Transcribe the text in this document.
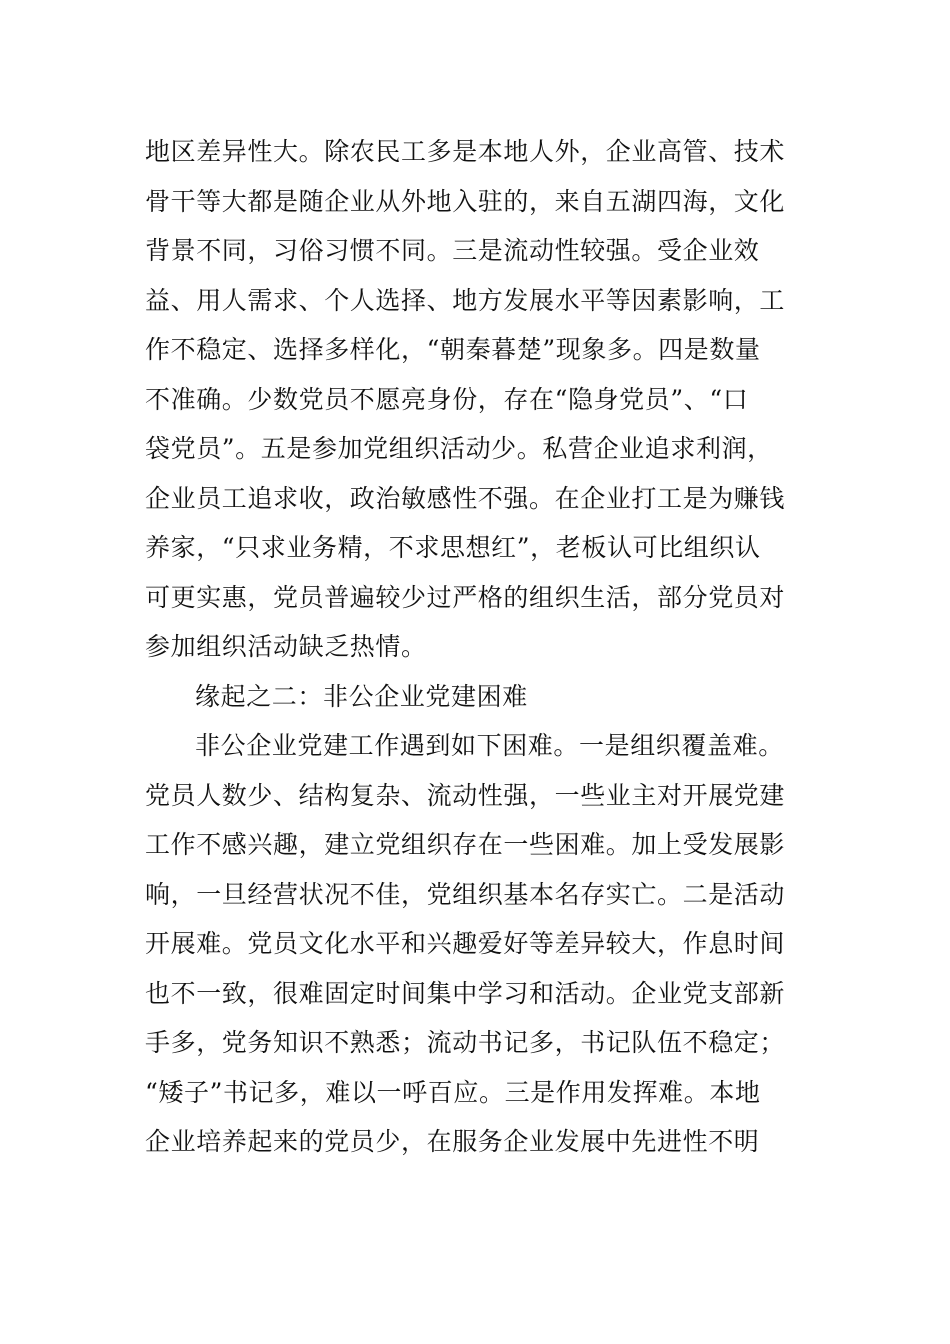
地区差异性大。除农民工多是本地人外，企业高管、技术

骨干等大都是随企业从外地入驻的，来自五湖四海，文化

背景不同，习俗习惯不同。三是流动性较强。受企业效

益、用人需求、个人选择、地方发展水平等因素影响，工

作不稳定、选择多样化，“朝秦暮楚”现象多。四是数量

不准确。少数党员不愿亮身份，存在“隐身党员”、“口

袋党员”。五是参加党组织活动少。私营企业追求利润，

企业员工追求收，政治敏感性不强。在企业打工是为赚钱

养家，“只求业务精，不求思想红”，老板认可比组织认

可更实惠，党员普遍较少过严格的组织生活，部分党员对

参加组织活动缺乏热情。

缘起之二：非公企业党建困难

非公企业党建工作遇到如下困难。一是组织覆盖难。

党员人数少、结构复杂、流动性强，一些业主对开展党建

工作不感兴趣，建立党组织存在一些困难。加上受发展影

响，一旦经营状况不佳，党组织基本名存实亡。二是活动

开展难。党员文化水平和兴趣爱好等差异较大，作息时间

也不一致，很难固定时间集中学习和活动。企业党支部新

手多，党务知识不熟悉；流动书记多，书记队伍不稳定；

“矮子”书记多，难以一呼百应。三是作用发挥难。本地

企业培养起来的党员少，在服务企业发展中先进性不明
